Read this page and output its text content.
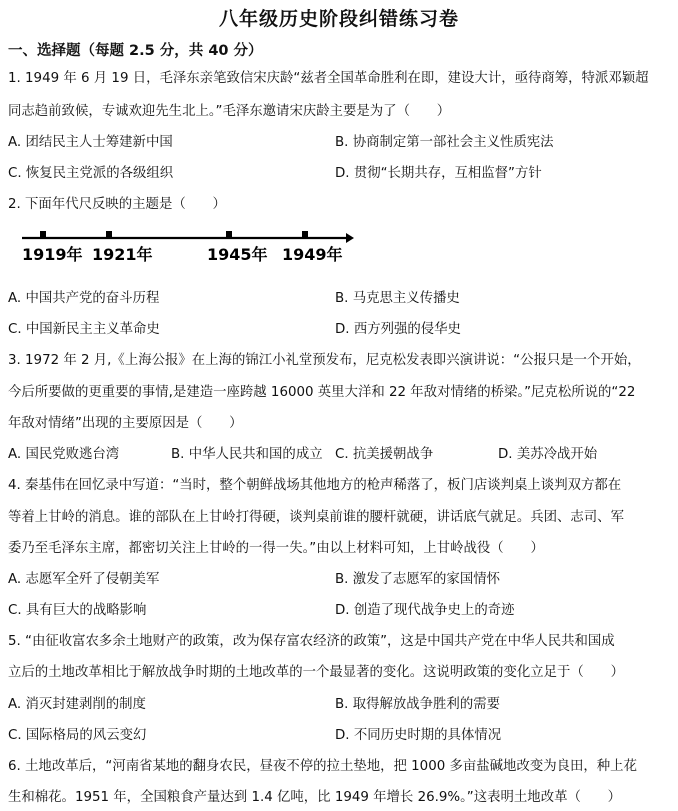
八年级历史阶段纠错练习卷
一、选择题（每题 2.5 分，共 40 分）
1. 1949 年 6 月 19 日，毛泽东亲笔致信宋庆龄“兹者全国革命胜利在即，建设大计，亟待商筹，特派邓颖超
同志趋前致候，专诚欢迎先生北上。”毛泽东邀请宋庆龄主要是为了（　　）
A. 团结民主人士筹建新中国	B. 协商制定第一部社会主义性质宪法
C. 恢复民主党派的各级组织	D. 贯彻“长期共存，互相监督”方针
2. 下面年代尺反映的主题是（　　）
1919年 1921年	1945年 1949年
A. 中国共产党的奋斗历程	B. 马克思主义传播史
C. 中国新民主主义革命史	D. 西方列强的侵华史
3. 1972 年 2 月,《上海公报》在上海的锦江小礼堂预发布，尼克松发表即兴演讲说：“公报只是一个开始，
今后所要做的更重要的事情,是建造一座跨越 16000 英里大洋和 22 年敌对情绪的桥梁。”尼克松所说的“22
年敌对情绪”出现的主要原因是（　　）
A. 国民党败逃台湾	B. 中华人民共和国的成立 C. 抗美援朝战争	D. 美苏冷战开始
4. 秦基伟在回忆录中写道：“当时，整个朝鲜战场其他地方的枪声稀落了，板门店谈判桌上谈判双方都在
等着上甘岭的消息。谁的部队在上甘岭打得硬，谈判桌前谁的腰杆就硬，讲话底气就足。兵团、志司、军
委乃至毛泽东主席，都密切关注上甘岭的一得一失。”由以上材料可知，上甘岭战役（　　）
A. 志愿军全歼了侵朝美军	B. 激发了志愿军的家国情怀
C. 具有巨大的战略影响	D. 创造了现代战争史上的奇迹
5. “由征收富农多余土地财产的政策，改为保存富农经济的政策”，这是中国共产党在中华人民共和国成
立后的土地改革相比于解放战争时期的土地改革的一个最显著的变化。这说明政策的变化立足于（　　）
A. 消灭封建剥削的制度	B. 取得解放战争胜利的需要
C. 国际格局的风云变幻	D. 不同历史时期的具体情况
6. 土地改革后，“河南省某地的翻身农民，昼夜不停的拉土垫地，把 1000 多亩盐碱地改变为良田，种上花
生和棉花。1951 年，全国粮食产量达到 1.4 亿吨，比 1949 年增长 26.9%。”这表明土地改革（　　）
